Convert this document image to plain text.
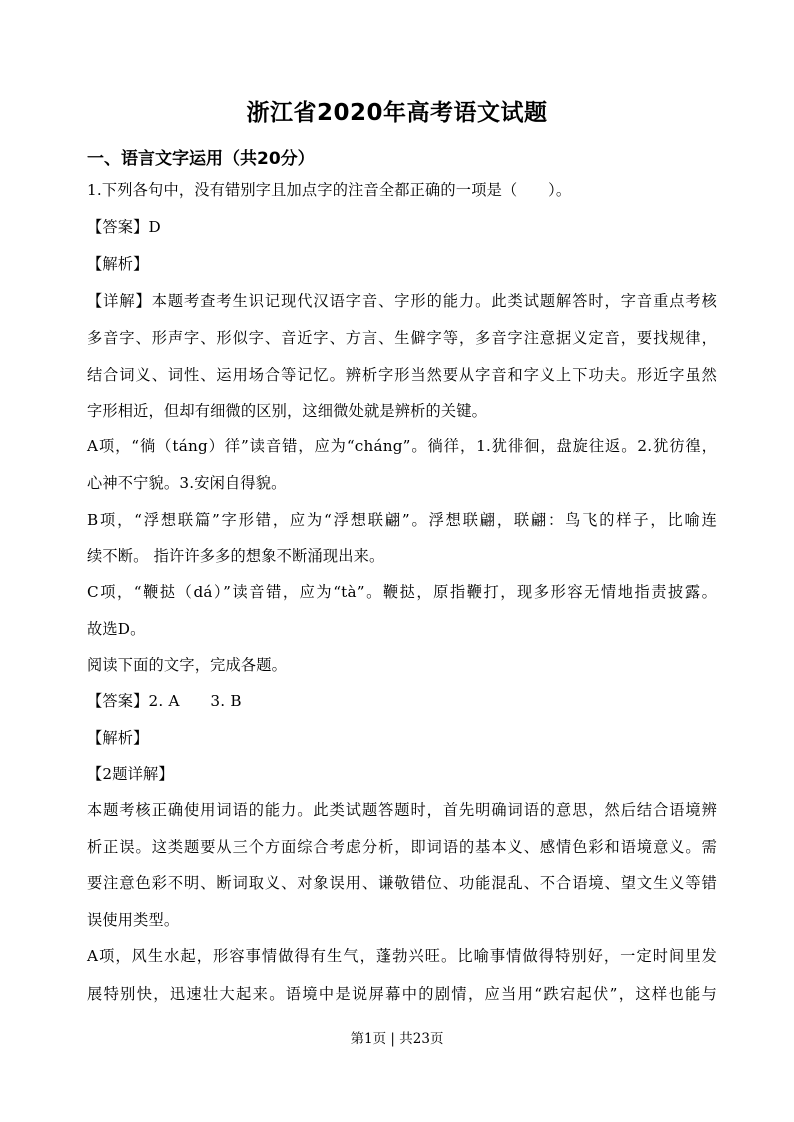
浙江省2020年高考语文试题
一、语言文字运用（共20分）
1.下列各句中，没有错别字且加点字的注音全都正确的一项是（　　）。
【答案】D
【解析】
【详解】本题考查考生识记现代汉语字音、字形的能力。此类试题解答时，字音重点考核
多音字、形声字、形似字、音近字、方言、生僻字等，多音字注意据义定音，要找规律，
结合词义、词性、运用场合等记忆。辨析字形当然要从字音和字义上下功夫。形近字虽然
字形相近，但却有细微的区别，这细微处就是辨析的关键。
A项，“徜（táng）徉”读音错，应为“cháng”。徜徉，1.犹徘徊，盘旋往返。2.犹彷徨，
心神不宁貌。3.安闲自得貌。
B项，“浮想联篇”字形错，应为“浮想联翩”。浮想联翩，联翩：鸟飞的样子，比喻连
续不断。 指许许多多的想象不断涌现出来。
C项，“鞭挞（dá）”读音错，应为“tà”。鞭挞，原指鞭打，现多形容无情地指责披露。
故选D。
阅读下面的文字，完成各题。
【答案】2. A　　3. B
【解析】
【2题详解】
本题考核正确使用词语的能力。此类试题答题时，首先明确词语的意思，然后结合语境辨
析正误。这类题要从三个方面综合考虑分析，即词语的基本义、感情色彩和语境意义。需
要注意色彩不明、断词取义、对象误用、谦敬错位、功能混乱、不合语境、望文生义等错
误使用类型。
A项，风生水起，形容事情做得有生气，蓬勃兴旺。比喻事情做得特别好，一定时间里发
展特别快，迅速壮大起来。语境中是说屏幕中的剧情，应当用“跌宕起伏”，这样也能与
第1页 | 共23页
